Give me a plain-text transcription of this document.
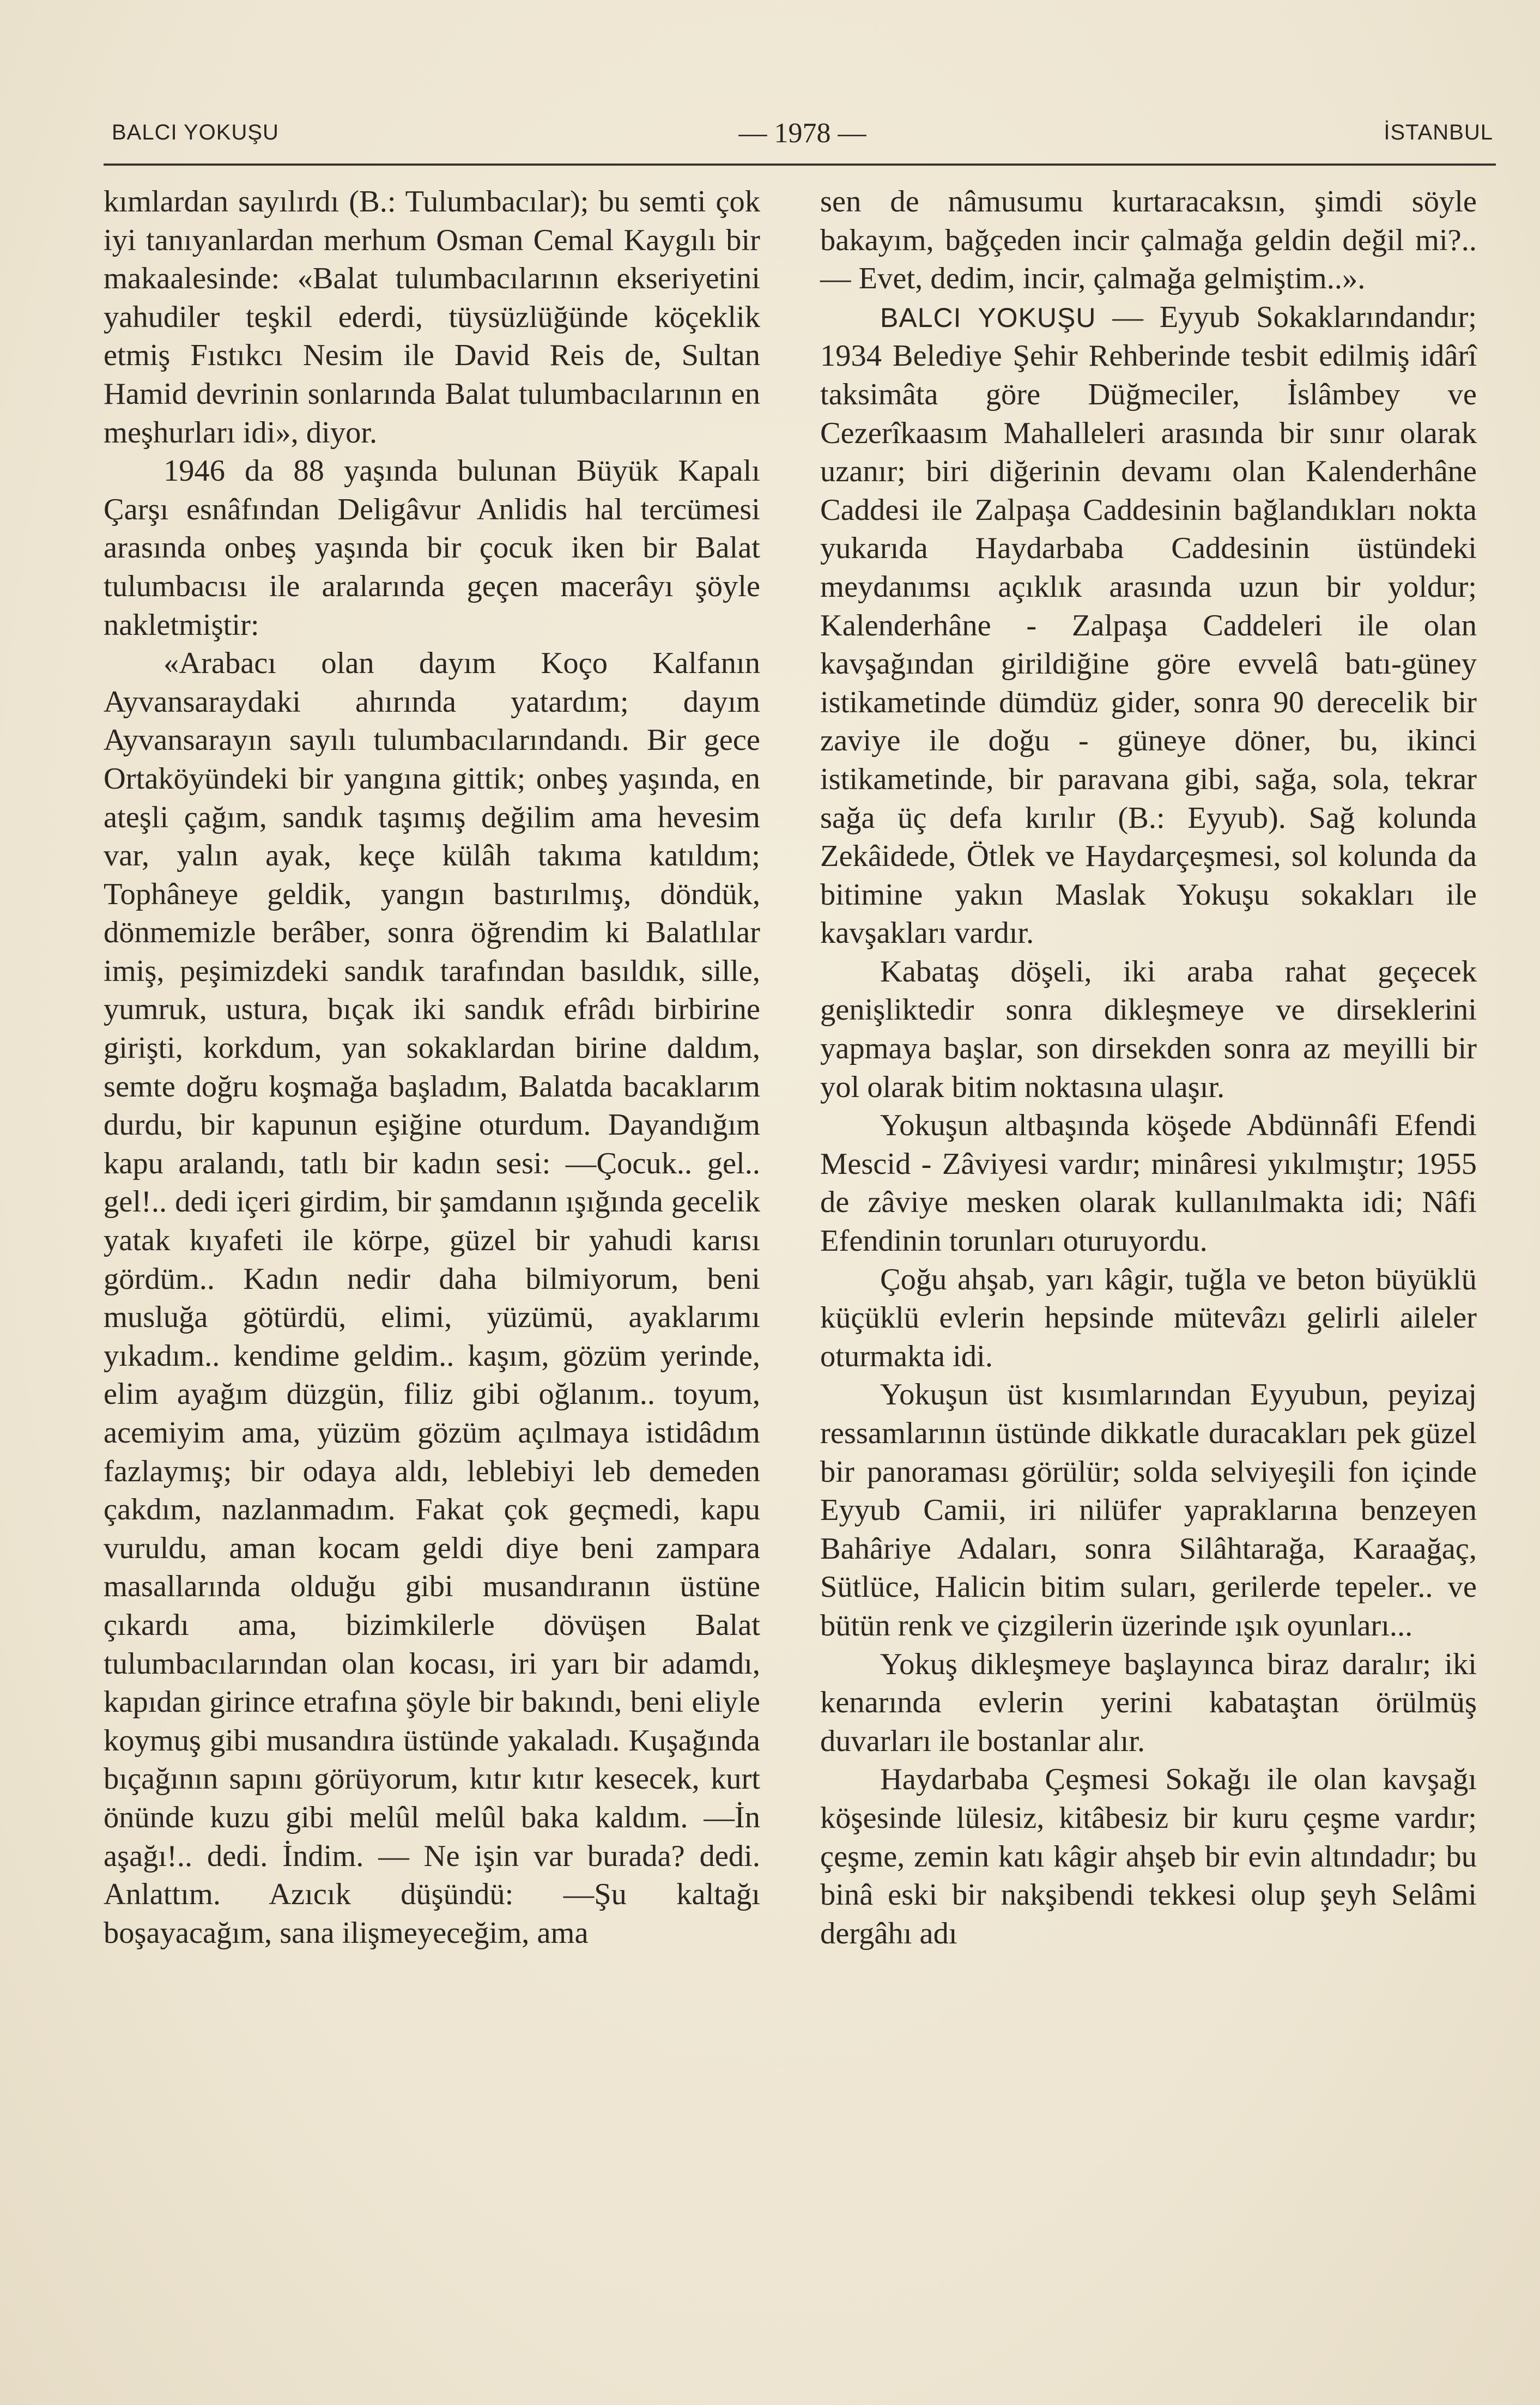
BALCI YOKUŞU	— 1978 —	İSTANBUL

kımlardan sayılırdı (B.: Tulumbacılar); bu semti çok iyi tanıyanlardan merhum Osman Cemal Kaygılı bir makaalesinde: «Balat tulumbacılarının ekseriyetini yahudiler teşkil ederdi, tüysüzlüğünde köçeklik etmiş Fıstıkcı Nesim ile David Reis de, Sultan Hamid devrinin sonlarında Balat tulumbacılarının en meşhurları idi», diyor.

1946 da 88 yaşında bulunan Büyük Kapalı Çarşı esnâfından Deligâvur Anlidis hal tercümesi arasında onbeş yaşında bir çocuk iken bir Balat tulumbacısı ile aralarında geçen macerâyı şöyle nakletmiştir:

«Arabacı olan dayım Koço Kalfanın Ayvansaraydaki ahırında yatardım; dayım Ayvansarayın sayılı tulumbacılarındandı. Bir gece Ortaköyündeki bir yangına gittik; onbeş yaşında, en ateşli çağım, sandık taşımış değilim ama hevesim var, yalın ayak, keçe külâh takıma katıldım; Tophâneye geldik, yangın bastırılmış, döndük, dönmemizle berâber, sonra öğrendim ki Balatlılar imiş, peşimizdeki sandık tarafından basıldık, sille, yumruk, ustura, bıçak iki sandık efrâdı birbirine girişti, korkdum, yan sokaklardan birine daldım, semte doğru koşmağa başladım, Balatda bacaklarım durdu, bir kapunun eşiğine oturdum. Dayandığım kapu aralandı, tatlı bir kadın sesi: —Çocuk.. gel.. gel!.. dedi içeri girdim, bir şamdanın ışığında gecelik yatak kıyafeti ile körpe, güzel bir yahudi karısı gördüm.. Kadın nedir daha bilmiyorum, beni musluğa götürdü, elimi, yüzümü, ayaklarımı yıkadım.. kendime geldim.. kaşım, gözüm yerinde, elim ayağım düzgün, filiz gibi oğlanım.. toyum, acemiyim ama, yüzüm gözüm açılmaya istidâdım fazlaymış; bir odaya aldı, leblebiyi leb demeden çakdım, nazlanmadım. Fakat çok geçmedi, kapu vuruldu, aman kocam geldi diye beni zampara masallarında olduğu gibi musandıranın üstüne çıkardı ama, bizimkilerle dövüşen Balat tulumbacılarından olan kocası, iri yarı bir adamdı, kapıdan girince etrafına şöyle bir bakındı, beni eliyle koymuş gibi musandıra üstünde yakaladı. Kuşağında bıçağının sapını görüyorum, kıtır kıtır kesecek, kurt önünde kuzu gibi melûl melûl baka kaldım. —İn aşağı!.. dedi. İndim. — Ne işin var burada? dedi. Anlattım. Azıcık düşündü: —Şu kaltağı boşayacağım, sana ilişmeyeceğim, ama

sen de nâmusumu kurtaracaksın, şimdi söyle bakayım, bağçeden incir çalmağa geldin değil mi?.. — Evet, dedim, incir, çalmağa gelmiştim..».

BALCI YOKUŞU — Eyyub Sokaklarındandır; 1934 Belediye Şehir Rehberinde tesbit edilmiş idârî taksimâta göre Düğmeciler, İslâmbey ve Cezerîkaasım Mahalleleri arasında bir sınır olarak uzanır; biri diğerinin devamı olan Kalenderhâne Caddesi ile Zalpaşa Caddesinin bağlandıkları nokta yukarıda Haydarbaba Caddesinin üstündeki meydanımsı açıklık arasında uzun bir yoldur; Kalenderhâne - Zalpaşa Caddeleri ile olan kavşağından girildiğine göre evvelâ batı-güney istikametinde dümdüz gider, sonra 90 derecelik bir zaviye ile doğu - güneye döner, bu, ikinci istikametinde, bir paravana gibi, sağa, sola, tekrar sağa üç defa kırılır (B.: Eyyub). Sağ kolunda Zekâidede, Ötlek ve Haydarçeşmesi, sol kolunda da bitimine yakın Maslak Yokuşu sokakları ile kavşakları vardır.

Kabataş döşeli, iki araba rahat geçecek genişliktedir sonra dikleşmeye ve dirseklerini yapmaya başlar, son dirsekden sonra az meyilli bir yol olarak bitim noktasına ulaşır.

Yokuşun altbaşında köşede Abdünnâfi Efendi Mescid - Zâviyesi vardır; minâresi yıkılmıştır; 1955 de zâviye mesken olarak kullanılmakta idi; Nâfi Efendinin torunları oturuyordu.

Çoğu ahşab, yarı kâgir, tuğla ve beton büyüklü küçüklü evlerin hepsinde mütevâzı gelirli aileler oturmakta idi.

Yokuşun üst kısımlarından Eyyubun, peyizaj ressamlarının üstünde dikkatle duracakları pek güzel bir panoraması görülür; solda selviyeşili fon içinde Eyyub Camii, iri nilüfer yapraklarına benzeyen Bahâriye Adaları, sonra Silâhtarağa, Karaağaç, Sütlüce, Halicin bitim suları, gerilerde tepeler.. ve bütün renk ve çizgilerin üzerinde ışık oyunları...

Yokuş dikleşmeye başlayınca biraz daralır; iki kenarında evlerin yerini kabataştan örülmüş duvarları ile bostanlar alır.

Haydarbaba Çeşmesi Sokağı ile olan kavşağı köşesinde lülesiz, kitâbesiz bir kuru çeşme vardır; çeşme, zemin katı kâgir ahşeb bir evin altındadır; bu binâ eski bir nakşibendi tekkesi olup şeyh Selâmi dergâhı adı
